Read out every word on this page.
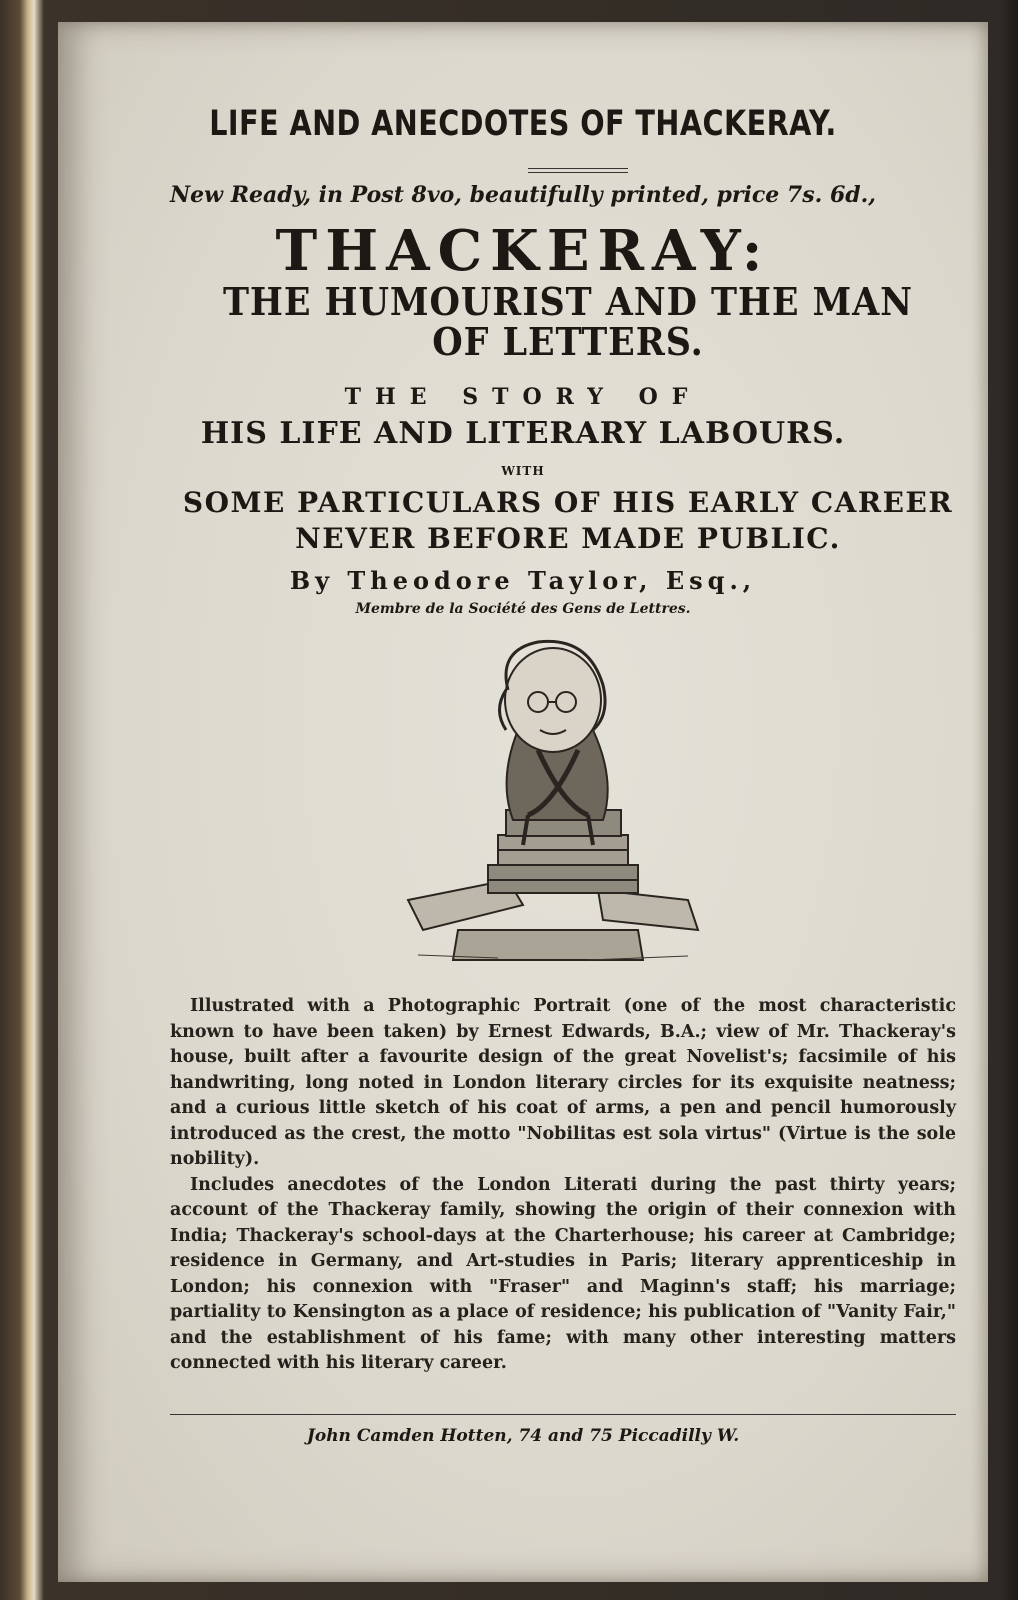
LIFE AND ANECDOTES OF THACKERAY.
New Ready, in Post 8vo, beautifully printed, price 7s. 6d.,
THACKERAY:
THE HUMOURIST AND THE MAN OF LETTERS.
THE STORY OF
HIS LIFE AND LITERARY LABOURS.
WITH
SOME PARTICULARS OF HIS EARLY CAREER NEVER BEFORE MADE PUBLIC.
By Theodore Taylor, Esq.,
Membre de la Société des Gens de Lettres.

Illustrated with a Photographic Portrait (one of the most characteristic known to have been taken) by Ernest Edwards, B.A.; view of Mr. Thackeray's house, built after a favourite design of the great Novelist's; facsimile of his handwriting, long noted in London literary circles for its exquisite neatness; and a curious little sketch of his coat of arms, a pen and pencil humorously introduced as the crest, the motto "Nobilitas est sola virtus" (Virtue is the sole nobility).

Includes anecdotes of the London Literati during the past thirty years; account of the Thackeray family, showing the origin of their connexion with India; Thackeray's school-days at the Charterhouse; his career at Cambridge; residence in Germany, and Art-studies in Paris; literary apprenticeship in London; his connexion with "Fraser" and Maginn's staff; his marriage; partiality to Kensington as a place of residence; his publication of "Vanity Fair," and the establishment of his fame; with many other interesting matters connected with his literary career.

John Camden Hotten, 74 and 75 Piccadilly W.
